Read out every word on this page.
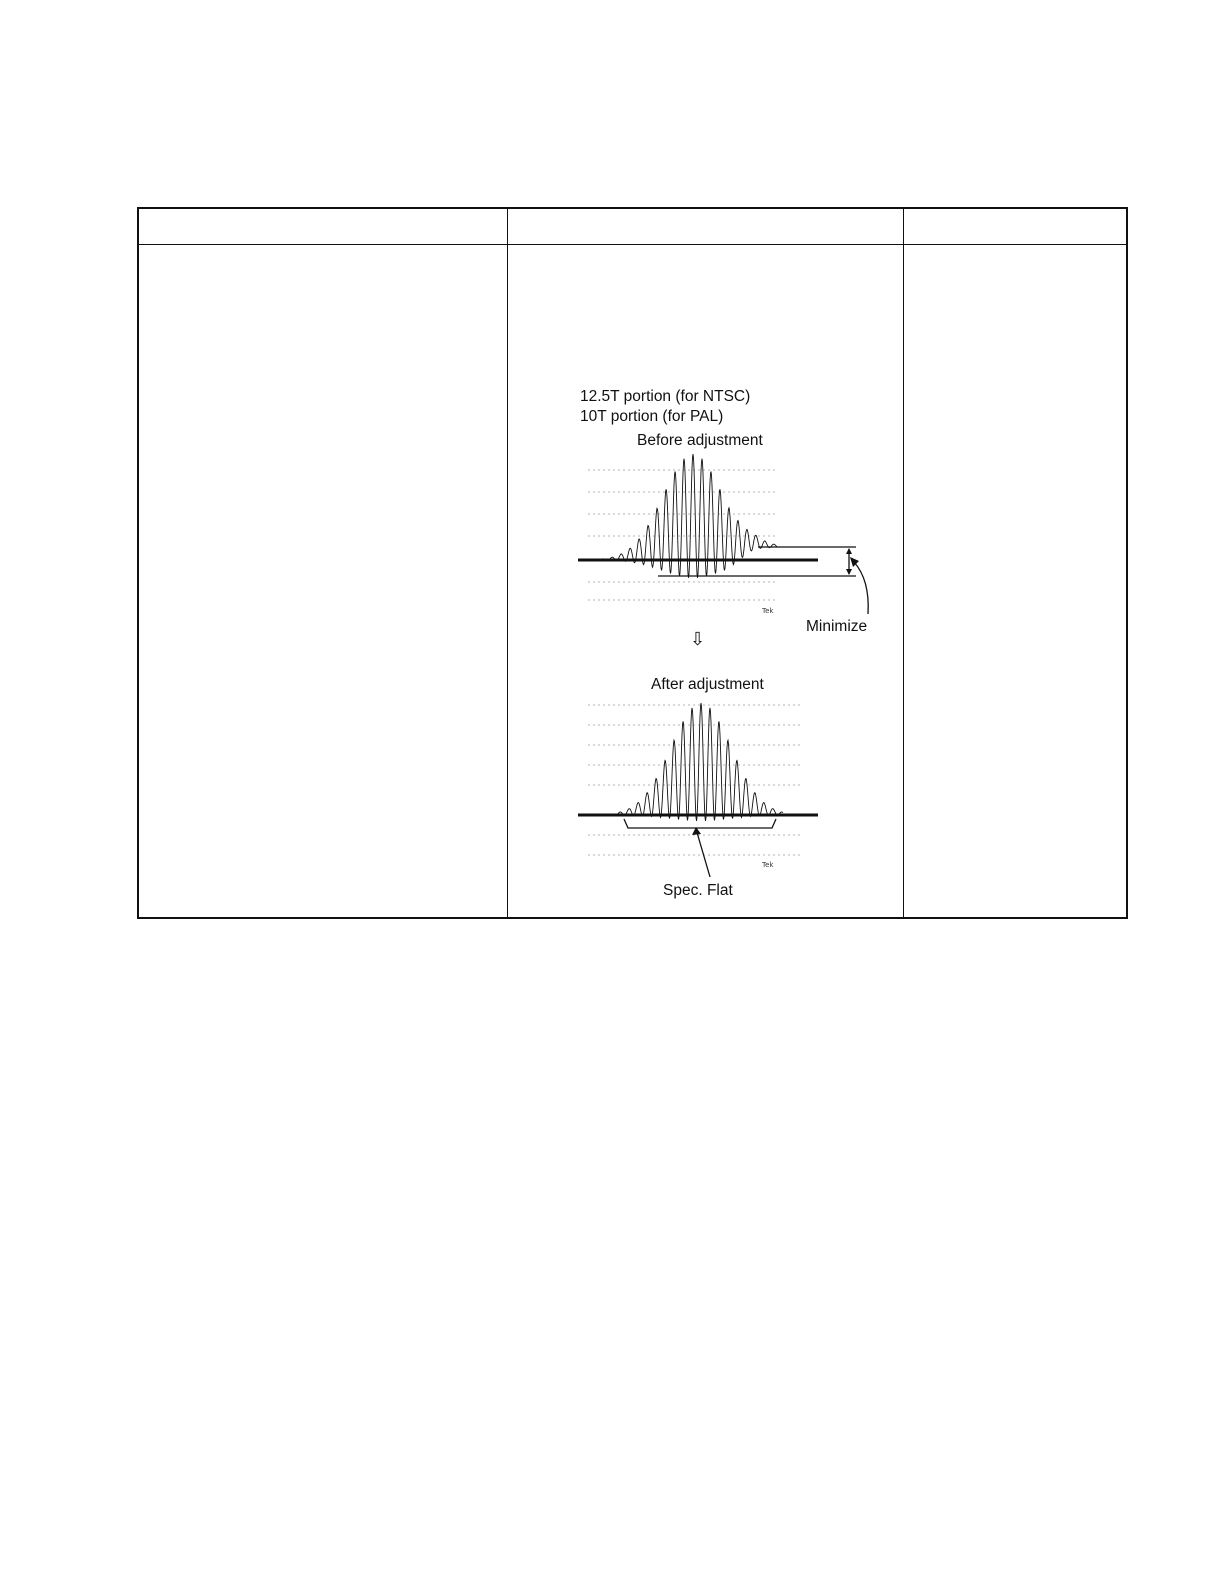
12.5T portion (for NTSC)
10T portion (for PAL)
Before adjustment
Minimize
After adjustment
Spec. Flat
⇩
Tek
Tek
